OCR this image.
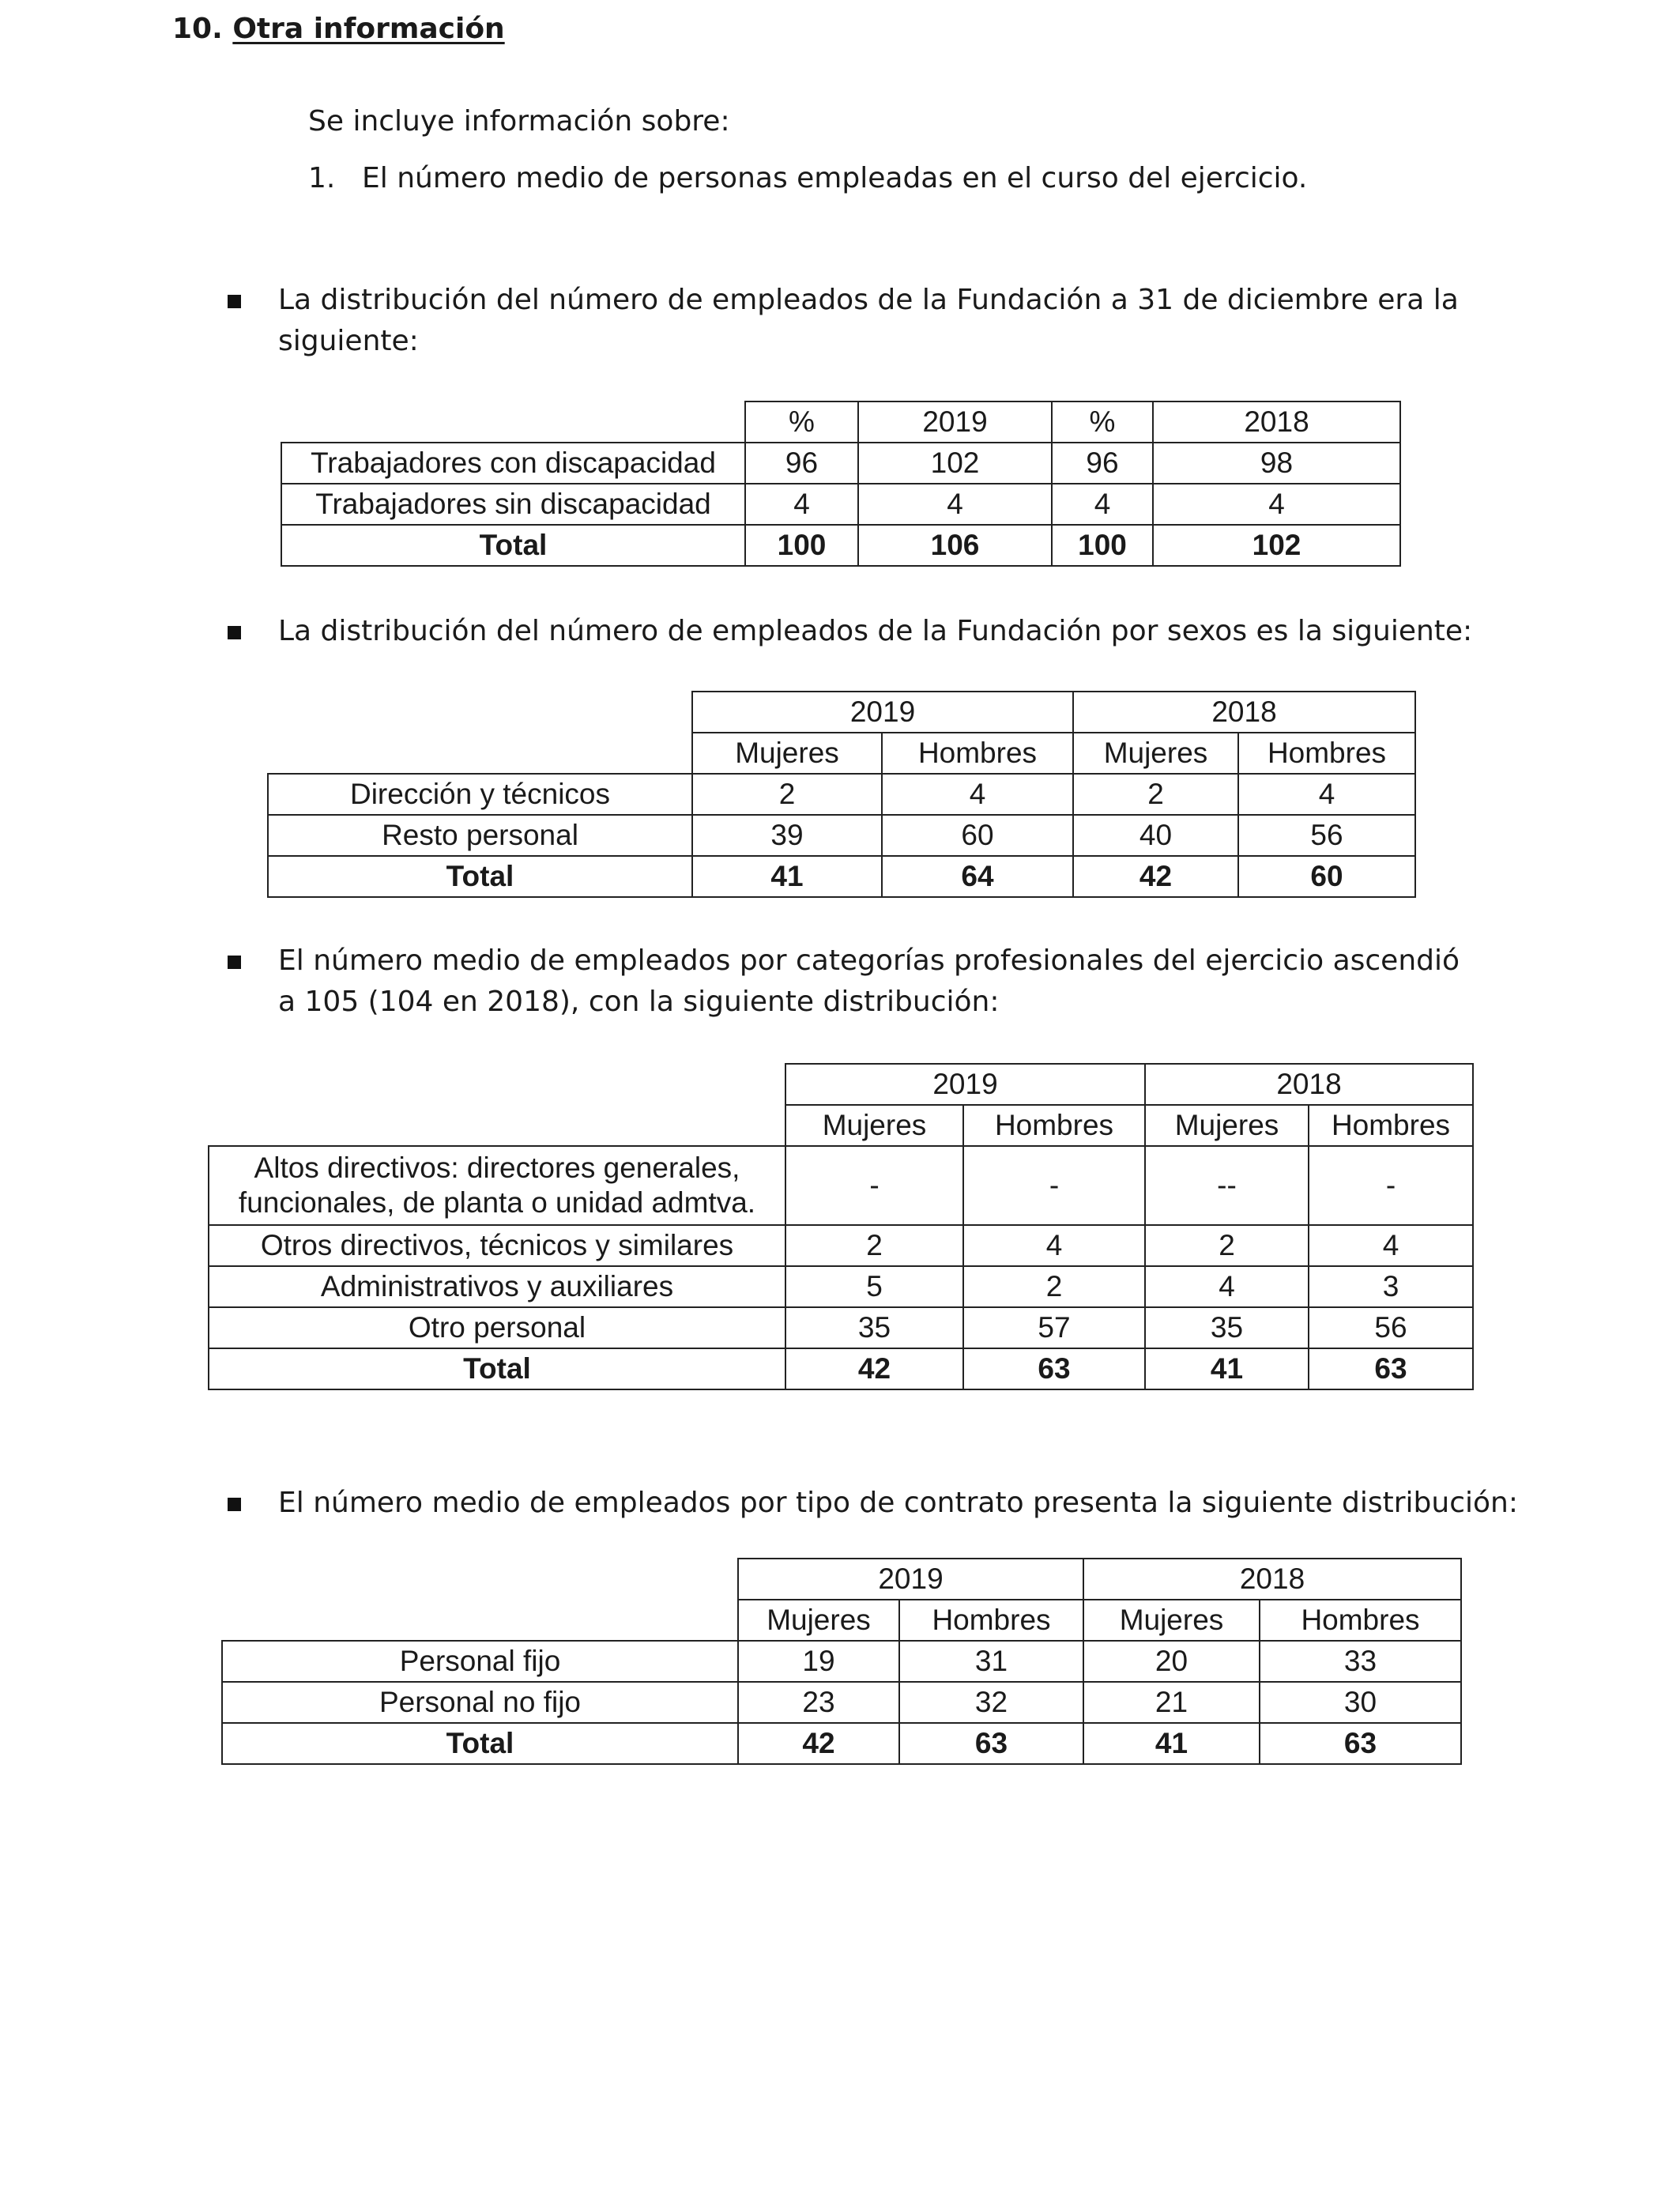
10. Otra información
Se incluye información sobre:
1. El número medio de personas empleadas en el curso del ejercicio.
La distribución del número de empleados de la Fundación a 31 de diciembre era la
siguiente:
	%	2019	%	2018
Trabajadores con discapacidad	96	102	96	98
Trabajadores sin discapacidad	4	4	4	4
Total	100	106	100	102
La distribución del número de empleados de la Fundación por sexos es la siguiente:
	2019		2018	
	Mujeres	Hombres	Mujeres	Hombres
Dirección y técnicos	2	4	2	4
Resto personal	39	60	40	56
Total	41	64	42	60
El número medio de empleados por categorías profesionales del ejercicio ascendió
a 105 (104 en 2018), con la siguiente distribución:
	2019		2018	
	Mujeres	Hombres	Mujeres	Hombres

Altos directivos: directores generales,
funcionales, de planta o unidad admtva.	-	-	--	-
Otros directivos, técnicos y similares	2	4	2	4
Administrativos y auxiliares	5	2	4	3
Otro personal	35	57	35	56
Total	42	63	41	63
El número medio de empleados por tipo de contrato presenta la siguiente distribución:
	2019		2018	
	Mujeres	Hombres	Mujeres	Hombres
Personal fijo	19	31	20	33
Personal no fijo	23	32	21	30
Total	42	63	41	63
